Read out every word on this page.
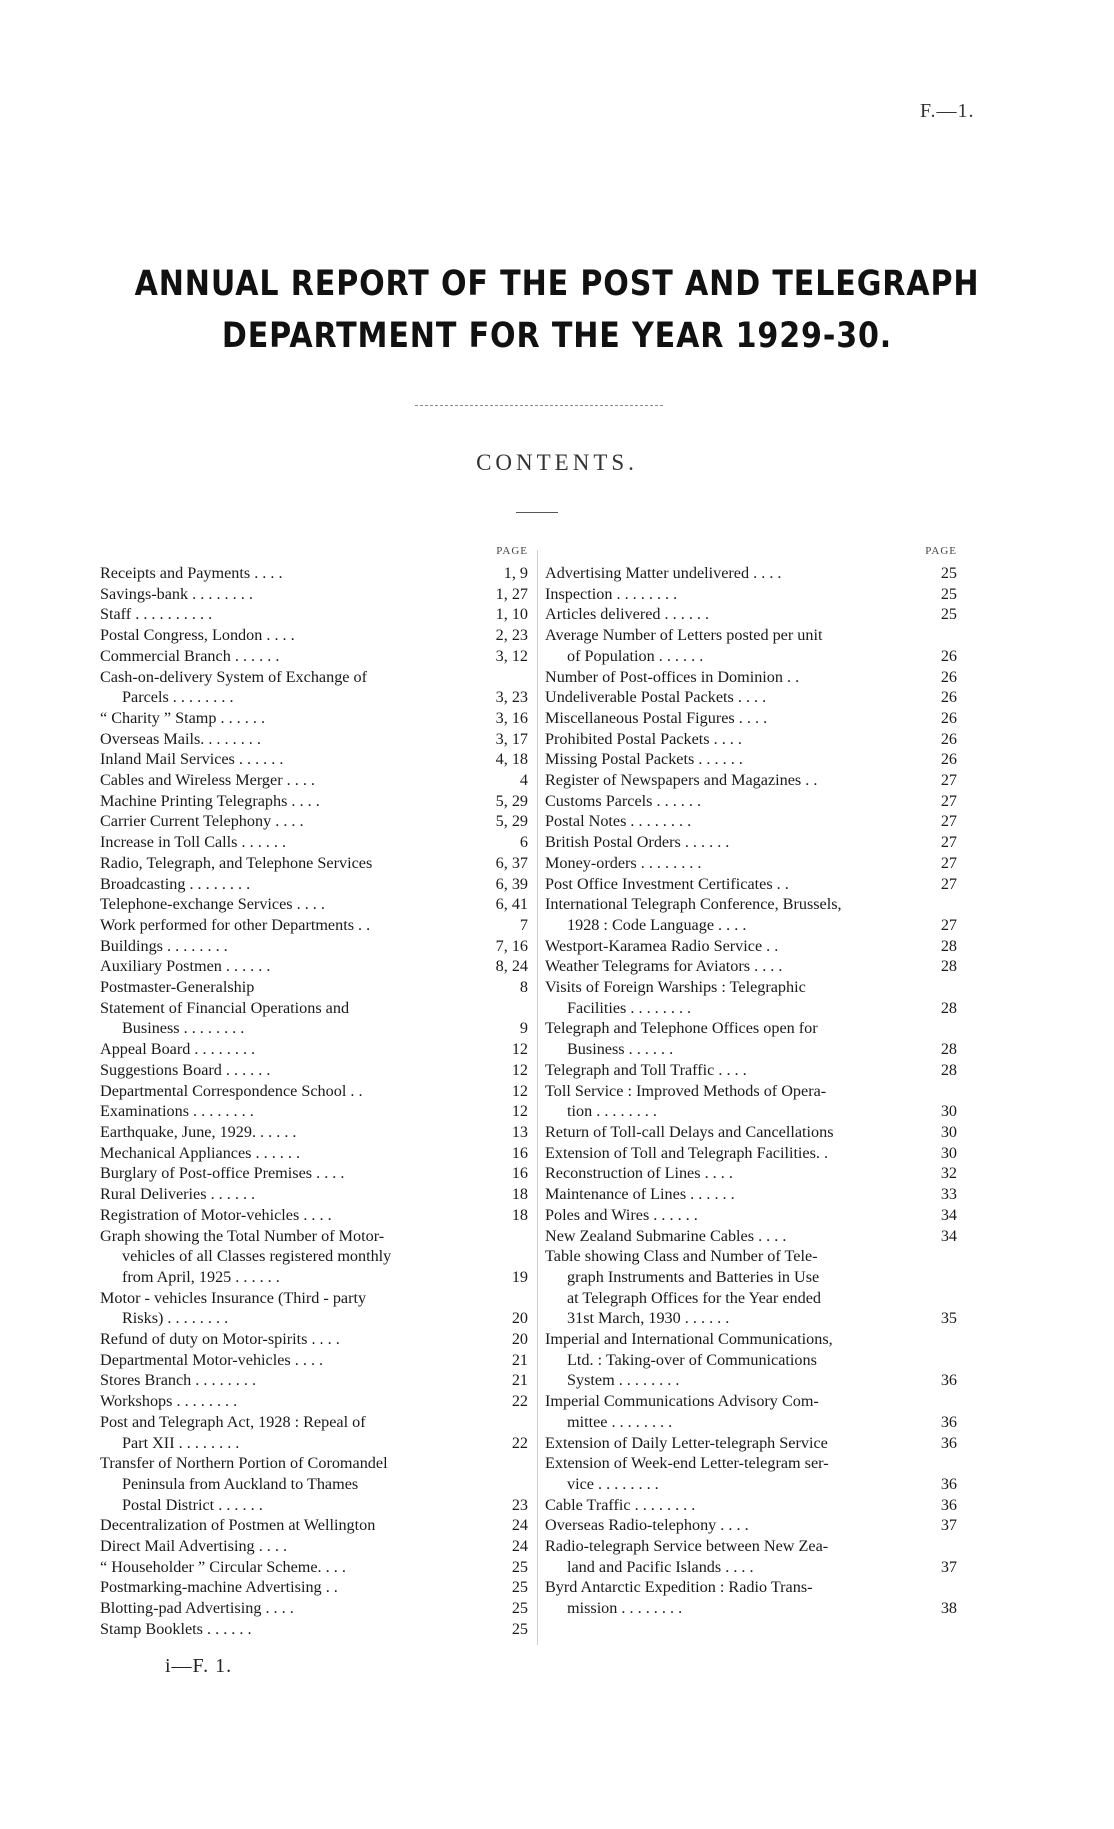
F.—1.
ANNUAL REPORT OF THE POST AND TELEGRAPH
DEPARTMENT FOR THE YEAR 1929-30.
CONTENTS.
PAGE
Receipts and Payments . . . .	1, 9
Savings-bank . . . . . . . .	1, 27
Staff . . . . . . . . . .	1, 10
Postal Congress, London . . . .	2, 23
Commercial Branch . . . . . .	3, 12
Cash-on-delivery System of Exchange of
Parcels . . . . . . . .	3, 23
“ Charity ” Stamp . . . . . .	3, 16
Overseas Mails. . . . . . . .	3, 17
Inland Mail Services . . . . . .	4, 18
Cables and Wireless Merger . . . .	4
Machine Printing Telegraphs . . . .	5, 29
Carrier Current Telephony . . . .	5, 29
Increase in Toll Calls . . . . . .	6
Radio, Telegraph, and Telephone Services	6, 37
Broadcasting . . . . . . . .	6, 39
Telephone-exchange Services . . . .	6, 41
Work performed for other Departments . .	7
Buildings . . . . . . . .	7, 16
Auxiliary Postmen . . . . . .	8, 24
Postmaster-Generalship	8
Statement of Financial Operations and
Business . . . . . . . .	9
Appeal Board . . . . . . . .	12
Suggestions Board . . . . . .	12
Departmental Correspondence School . .	12
Examinations . . . . . . . .	12
Earthquake, June, 1929. . . . . .	13
Mechanical Appliances . . . . . .	16
Burglary of Post-office Premises . . . .	16
Rural Deliveries . . . . . .	18
Registration of Motor-vehicles . . . .	18
Graph showing the Total Number of Motor-
vehicles of all Classes registered monthly
from April, 1925 . . . . . .	19
Motor - vehicles Insurance (Third - party
Risks) . . . . . . . .	20
Refund of duty on Motor-spirits . . . .	20
Departmental Motor-vehicles . . . .	21
Stores Branch . . . . . . . .	21
Workshops . . . . . . . .	22
Post and Telegraph Act, 1928 : Repeal of
Part XII . . . . . . . .	22
Transfer of Northern Portion of Coromandel
Peninsula from Auckland to Thames
Postal District . . . . . .	23
Decentralization of Postmen at Wellington	24
Direct Mail Advertising . . . .	24
“ Householder ” Circular Scheme. . . .	25
Postmarking-machine Advertising . .	25
Blotting-pad Advertising . . . .	25
Stamp Booklets . . . . . .	25
PAGE
Advertising Matter undelivered . . . .	25
Inspection . . . . . . . .	25
Articles delivered . . . . . .	25
Average Number of Letters posted per unit
of Population . . . . . .	26
Number of Post-offices in Dominion . .	26
Undeliverable Postal Packets . . . .	26
Miscellaneous Postal Figures . . . .	26
Prohibited Postal Packets . . . .	26
Missing Postal Packets . . . . . .	26
Register of Newspapers and Magazines . .	27
Customs Parcels . . . . . .	27
Postal Notes . . . . . . . .	27
British Postal Orders . . . . . .	27
Money-orders . . . . . . . .	27
Post Office Investment Certificates . .	27
International Telegraph Conference, Brussels,
1928 : Code Language . . . .	27
Westport-Karamea Radio Service . .	28
Weather Telegrams for Aviators . . . .	28
Visits of Foreign Warships : Telegraphic
Facilities . . . . . . . .	28
Telegraph and Telephone Offices open for
Business . . . . . .	28
Telegraph and Toll Traffic . . . .	28
Toll Service : Improved Methods of Opera-
tion . . . . . . . .	30
Return of Toll-call Delays and Cancellations	30
Extension of Toll and Telegraph Facilities. .	30
Reconstruction of Lines . . . .	32
Maintenance of Lines . . . . . .	33
Poles and Wires . . . . . .	34
New Zealand Submarine Cables . . . .	34
Table showing Class and Number of Tele-
graph Instruments and Batteries in Use
at Telegraph Offices for the Year ended
31st March, 1930 . . . . . .	35
Imperial and International Communications,
Ltd. : Taking-over of Communications
System . . . . . . . .	36
Imperial Communications Advisory Com-
mittee . . . . . . . .	36
Extension of Daily Letter-telegraph Service	36
Extension of Week-end Letter-telegram ser-
vice . . . . . . . .	36
Cable Traffic . . . . . . . .	36
Overseas Radio-telephony . . . .	37
Radio-telegraph Service between New Zea-
land and Pacific Islands . . . .	37
Byrd Antarctic Expedition : Radio Trans-
mission . . . . . . . .	38
i—F. 1.
